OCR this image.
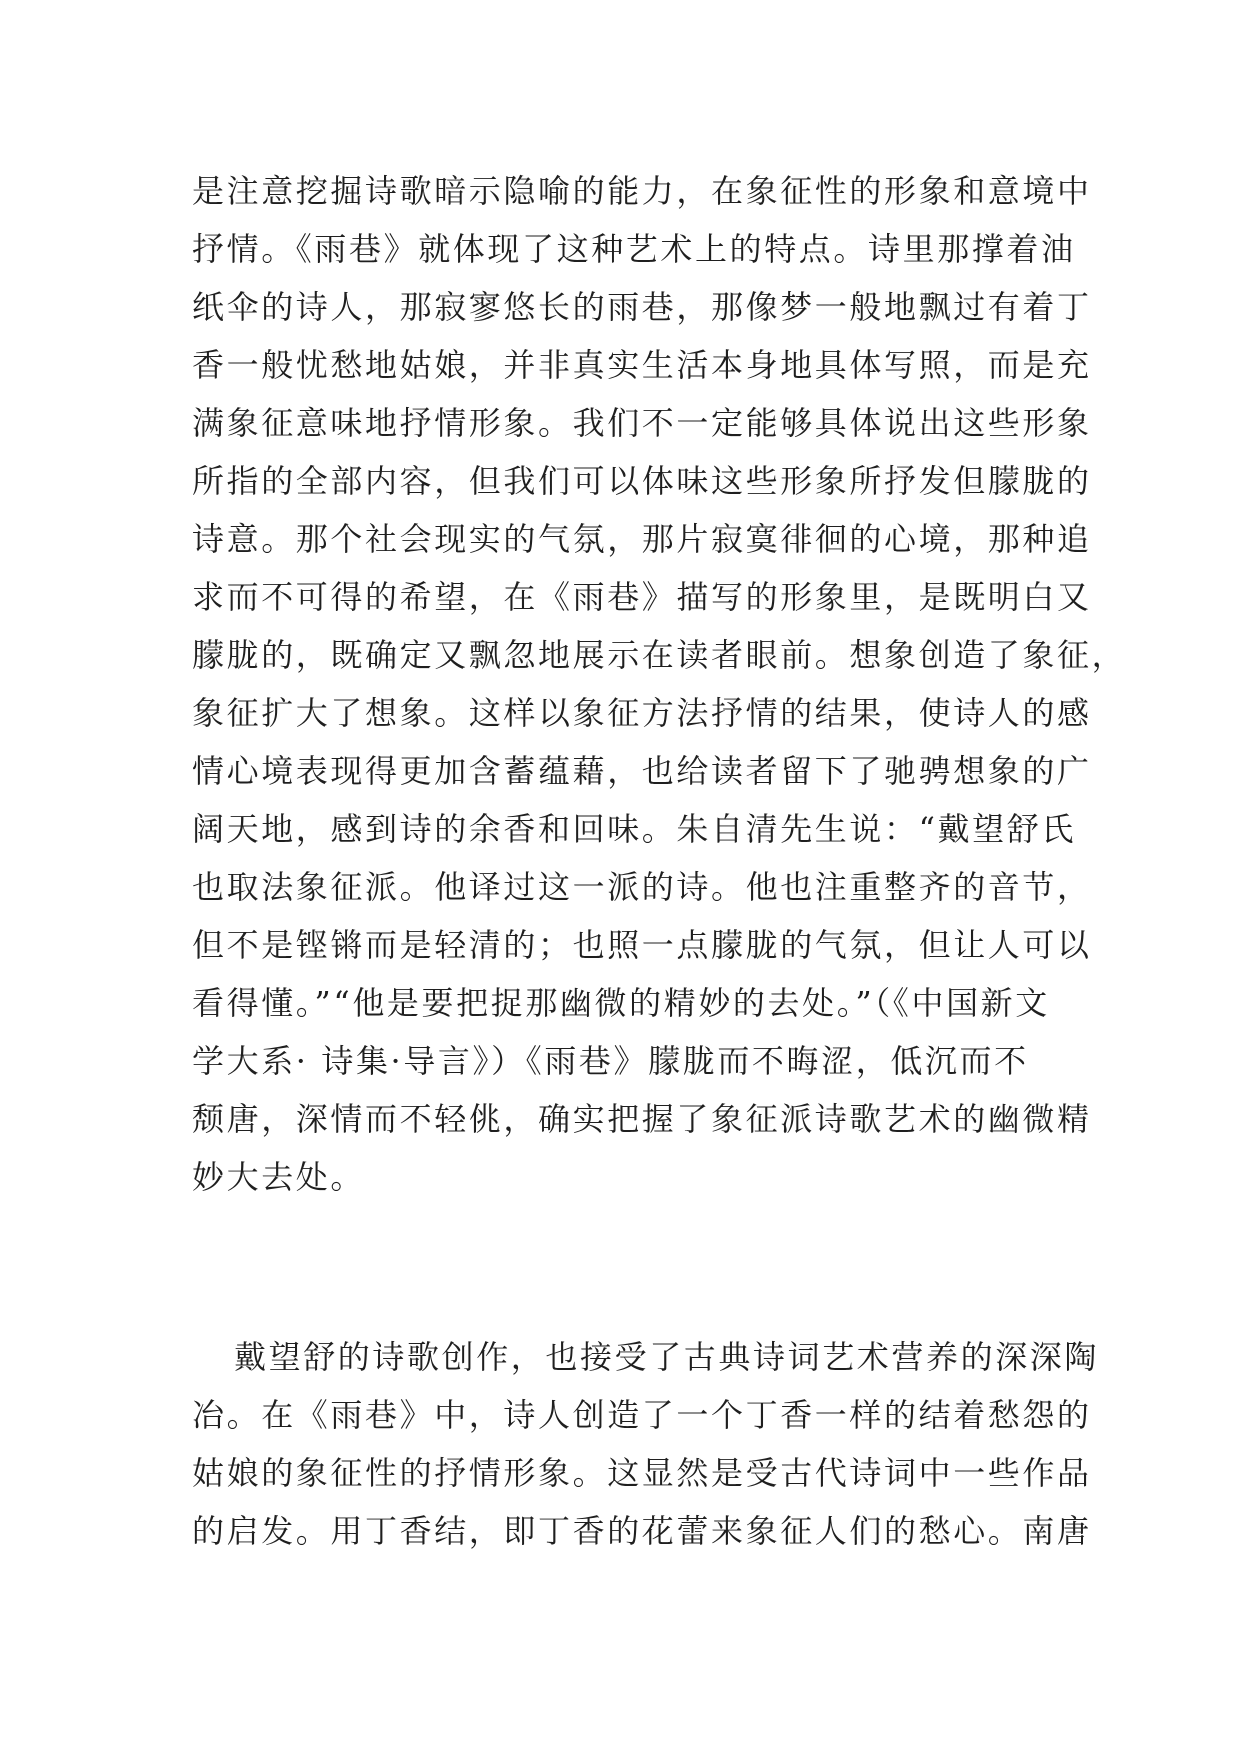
是注意挖掘诗歌暗示隐喻的能力，在象征性的形象和意境中
抒情。《雨巷》就体现了这种艺术上的特点。诗里那撑着油
纸伞的诗人，那寂寥悠长的雨巷，那像梦一般地飘过有着丁
香一般忧愁地姑娘，并非真实生活本身地具体写照，而是充
满象征意味地抒情形象。我们不一定能够具体说出这些形象
所指的全部内容，但我们可以体味这些形象所抒发但朦胧的
诗意。那个社会现实的气氛，那片寂寞徘徊的心境，那种追
求而不可得的希望，在《雨巷》描写的形象里，是既明白又
朦胧的，既确定又飘忽地展示在读者眼前。想象创造了象征，
象征扩大了想象。这样以象征方法抒情的结果，使诗人的感
情心境表现得更加含蓄蕴藉，也给读者留下了驰骋想象的广
阔天地，感到诗的余香和回味。朱自清先生说：“戴望舒氏
也取法象征派。他译过这一派的诗。他也注重整齐的音节，
但不是铿锵而是轻清的；也照一点朦胧的气氛，但让人可以
看得懂。”“他是要把捉那幽微的精妙的去处。”（《中国新文
学大系· 诗集·导言》）《雨巷》朦胧而不晦涩，低沉而不
颓唐，深情而不轻佻，确实把握了象征派诗歌艺术的幽微精
妙大去处。
戴望舒的诗歌创作，也接受了古典诗词艺术营养的深深陶
冶。在《雨巷》中，诗人创造了一个丁香一样的结着愁怨的
姑娘的象征性的抒情形象。这显然是受古代诗词中一些作品
的启发。用丁香结，即丁香的花蕾来象征人们的愁心。南唐
